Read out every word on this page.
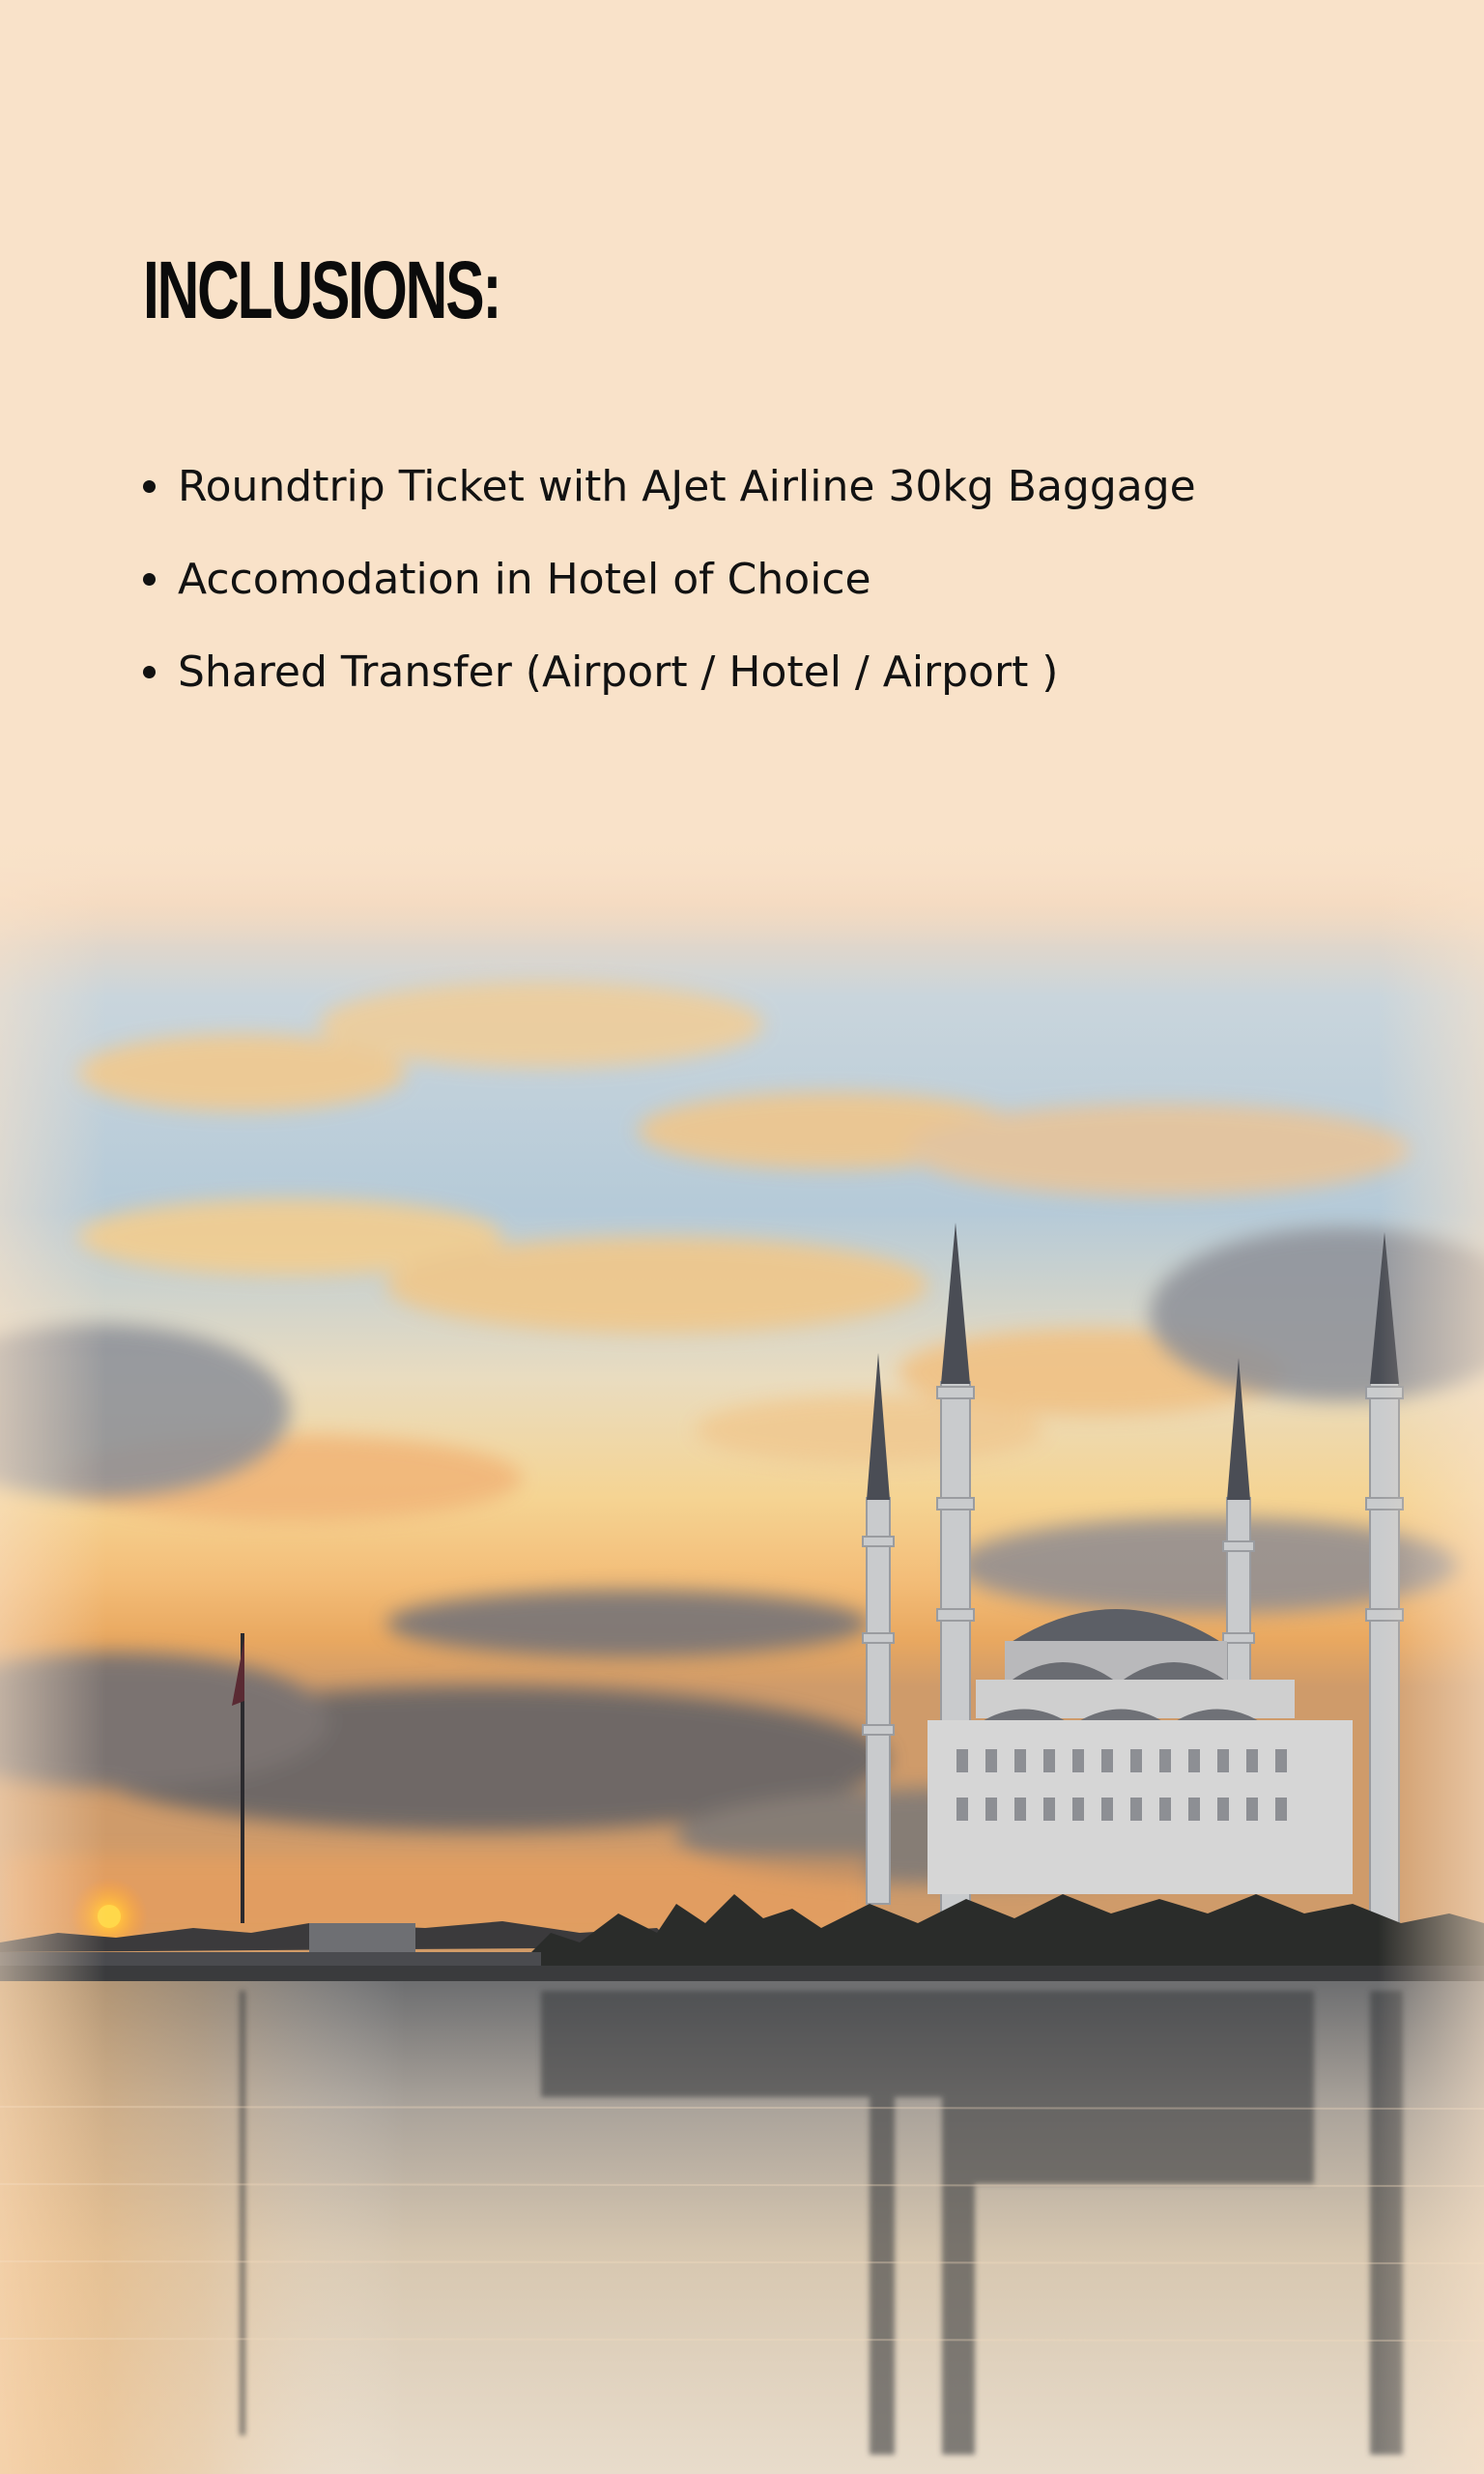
INCLUSIONS:
Roundtrip Ticket with AJet Airline 30kg Baggage
Accomodation in Hotel of Choice
Shared Transfer (Airport / Hotel / Airport )
